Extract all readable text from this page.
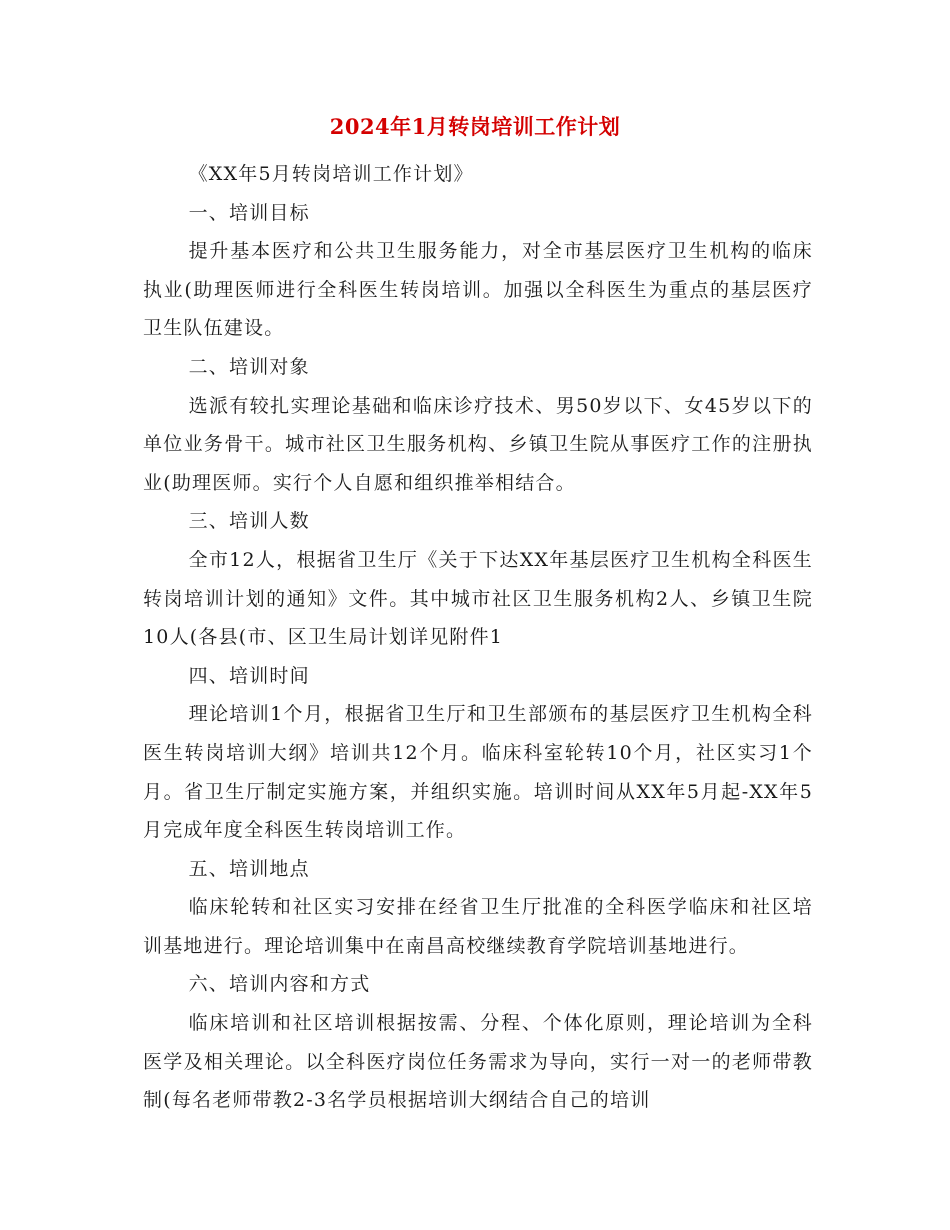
2024年1月转岗培训工作计划

《XX年5月转岗培训工作计划》

一、培训目标

提升基本医疗和公共卫生服务能力，对全市基层医疗卫生机构的临床执业(助理医师进行全科医生转岗培训。加强以全科医生为重点的基层医疗卫生队伍建设。

二、培训对象

选派有较扎实理论基础和临床诊疗技术、男50岁以下、女45岁以下的单位业务骨干。城市社区卫生服务机构、乡镇卫生院从事医疗工作的注册执业(助理医师。实行个人自愿和组织推举相结合。

三、培训人数

全市12人，根据省卫生厅《关于下达XX年基层医疗卫生机构全科医生转岗培训计划的通知》文件。其中城市社区卫生服务机构2人、乡镇卫生院10人(各县(市、区卫生局计划详见附件1

四、培训时间

理论培训1个月，根据省卫生厅和卫生部颁布的基层医疗卫生机构全科医生转岗培训大纲》培训共12个月。临床科室轮转10个月，社区实习1个月。省卫生厅制定实施方案，并组织实施。培训时间从XX年5月起-XX年5月完成年度全科医生转岗培训工作。

五、培训地点

临床轮转和社区实习安排在经省卫生厅批准的全科医学临床和社区培训基地进行。理论培训集中在南昌高校继续教育学院培训基地进行。

六、培训内容和方式

临床培训和社区培训根据按需、分程、个体化原则，理论培训为全科医学及相关理论。以全科医疗岗位任务需求为导向，实行一对一的老师带教制(每名老师带教2-3名学员根据培训大纲结合自己的培训
